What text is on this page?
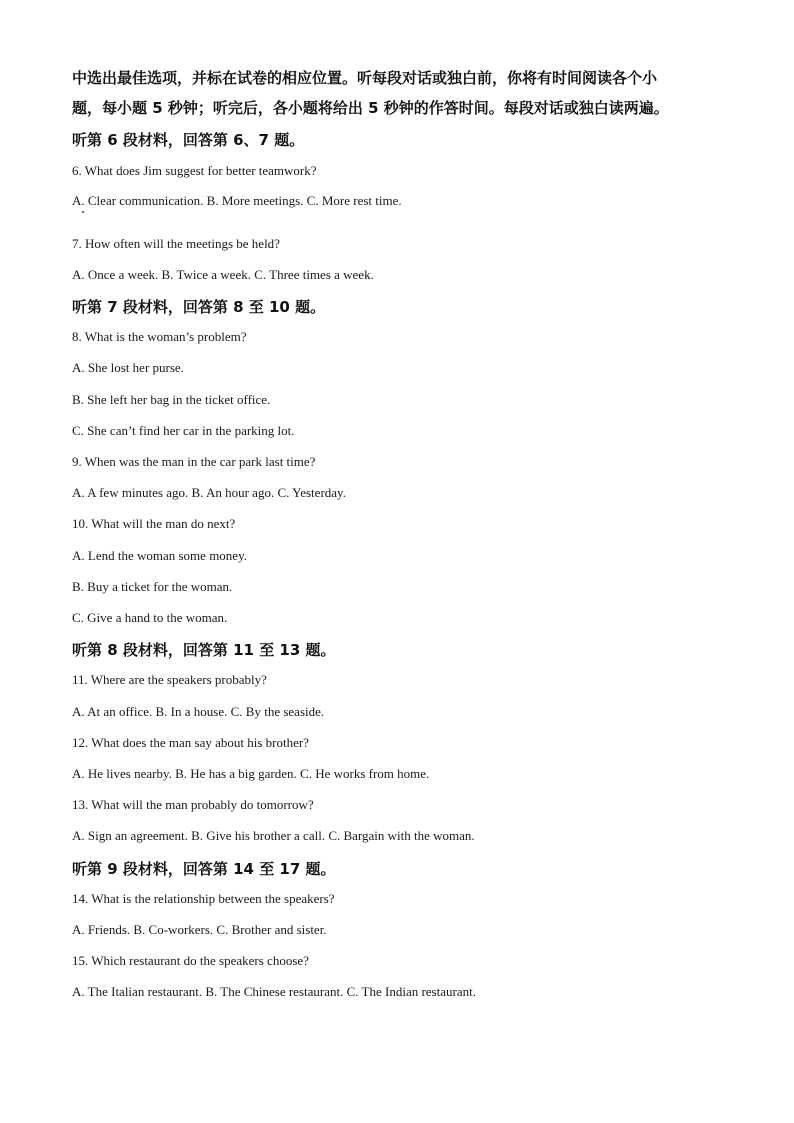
中选出最佳选项，并标在试卷的相应位置。听每段对话或独白前，你将有时间阅读各个小
题，每小题 5 秒钟；听完后，各小题将给出 5 秒钟的作答时间。每段对话或独白读两遍。
听第 6 段材料，回答第 6、7 题。
6. What does Jim suggest for better teamwork?
A. Clear communication. B. More meetings. C. More rest time.
7. How often will the meetings be held?
A. Once a week. B. Twice a week. C. Three times a week.
听第 7 段材料，回答第 8 至 10 题。
8. What is the woman’s problem?
A. She lost her purse.
B. She left her bag in the ticket office.
C. She can’t find her car in the parking lot.
9. When was the man in the car park last time?
A. A few minutes ago. B. An hour ago. C. Yesterday.
10. What will the man do next?
A. Lend the woman some money.
B. Buy a ticket for the woman.
C. Give a hand to the woman.
听第 8 段材料，回答第 11 至 13 题。
11. Where are the speakers probably?
A. At an office. B. In a house. C. By the seaside.
12. What does the man say about his brother?
A. He lives nearby. B. He has a big garden. C. He works from home.
13. What will the man probably do tomorrow?
A. Sign an agreement. B. Give his brother a call. C. Bargain with the woman.
听第 9 段材料，回答第 14 至 17 题。
14. What is the relationship between the speakers?
A. Friends. B. Co-workers. C. Brother and sister.
15. Which restaurant do the speakers choose?
A. The Italian restaurant. B. The Chinese restaurant. C. The Indian restaurant.
